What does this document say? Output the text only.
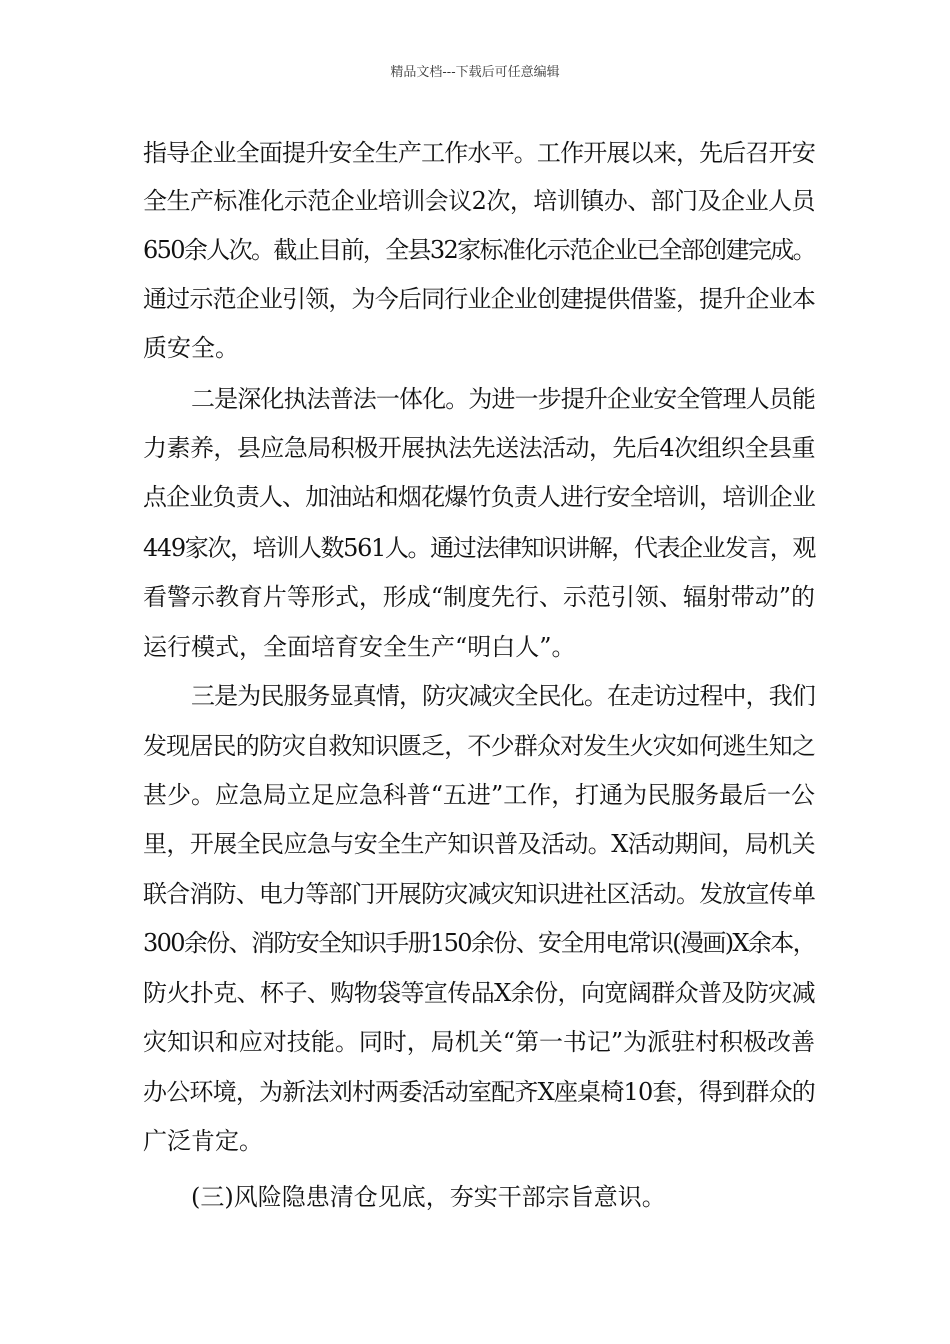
精品文档---下载后可任意编辑
指导企业全面提升安全生产工作水平。工作开展以来，先后召开安
全生产标准化示范企业培训会议2次，培训镇办、部门及企业人员
650余人次。截止目前，全县32家标准化示范企业已全部创建完成。
通过示范企业引领，为今后同行业企业创建提供借鉴，提升企业本
质安全。
二是深化执法普法一体化。为进一步提升企业安全管理人员能
力素养，县应急局积极开展执法先送法活动，先后4次组织全县重
点企业负责人、加油站和烟花爆竹负责人进行安全培训，培训企业
449家次，培训人数561人。通过法律知识讲解，代表企业发言，观
看警示教育片等形式，形成“制度先行、示范引领、辐射带动”的
运行模式，全面培育安全生产“明白人”。
三是为民服务显真情，防灾减灾全民化。在走访过程中，我们
发现居民的防灾自救知识匮乏，不少群众对发生火灾如何逃生知之
甚少。应急局立足应急科普“五进”工作，打通为民服务最后一公
里，开展全民应急与安全生产知识普及活动。X活动期间，局机关
联合消防、电力等部门开展防灾减灾知识进社区活动。发放宣传单
300余份、消防安全知识手册150余份、安全用电常识(漫画)X余本，
防火扑克、杯子、购物袋等宣传品X余份，向宽阔群众普及防灾减
灾知识和应对技能。同时，局机关“第一书记”为派驻村积极改善
办公环境，为新法刘村两委活动室配齐X座桌椅10套，得到群众的
广泛肯定。
(三)风险隐患清仓见底，夯实干部宗旨意识。
